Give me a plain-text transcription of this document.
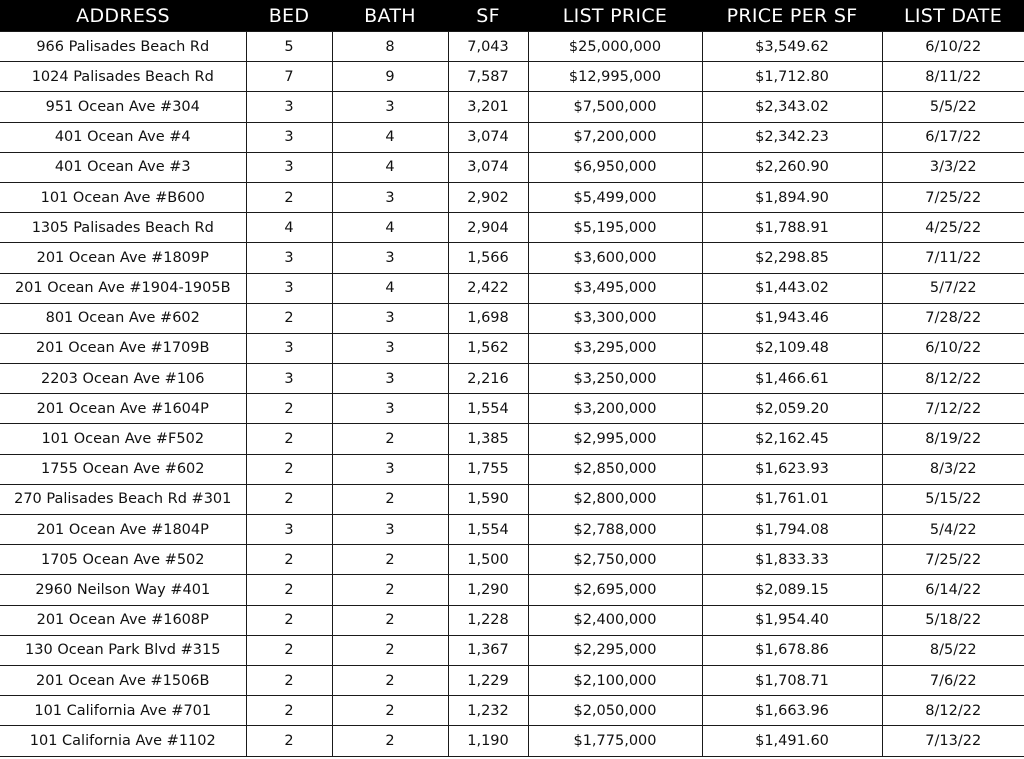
ADDRESS	BED	BATH	SF	LIST PRICE	PRICE PER SF	LIST DATE
966 Palisades Beach Rd	5	8	7,043	$25,000,000	$3,549.62	6/10/22
1024 Palisades Beach Rd	7	9	7,587	$12,995,000	$1,712.80	8/11/22
951 Ocean Ave #304	3	3	3,201	$7,500,000	$2,343.02	5/5/22
401 Ocean Ave #4	3	4	3,074	$7,200,000	$2,342.23	6/17/22
401 Ocean Ave #3	3	4	3,074	$6,950,000	$2,260.90	3/3/22
101 Ocean Ave #B600	2	3	2,902	$5,499,000	$1,894.90	7/25/22
1305 Palisades Beach Rd	4	4	2,904	$5,195,000	$1,788.91	4/25/22
201 Ocean Ave #1809P	3	3	1,566	$3,600,000	$2,298.85	7/11/22
201 Ocean Ave #1904-1905B	3	4	2,422	$3,495,000	$1,443.02	5/7/22
801 Ocean Ave #602	2	3	1,698	$3,300,000	$1,943.46	7/28/22
201 Ocean Ave #1709B	3	3	1,562	$3,295,000	$2,109.48	6/10/22
2203 Ocean Ave #106	3	3	2,216	$3,250,000	$1,466.61	8/12/22
201 Ocean Ave #1604P	2	3	1,554	$3,200,000	$2,059.20	7/12/22
101 Ocean Ave #F502	2	2	1,385	$2,995,000	$2,162.45	8/19/22
1755 Ocean Ave #602	2	3	1,755	$2,850,000	$1,623.93	8/3/22
270 Palisades Beach Rd #301	2	2	1,590	$2,800,000	$1,761.01	5/15/22
201 Ocean Ave #1804P	3	3	1,554	$2,788,000	$1,794.08	5/4/22
1705 Ocean Ave #502	2	2	1,500	$2,750,000	$1,833.33	7/25/22
2960 Neilson Way #401	2	2	1,290	$2,695,000	$2,089.15	6/14/22
201 Ocean Ave #1608P	2	2	1,228	$2,400,000	$1,954.40	5/18/22
130 Ocean Park Blvd #315	2	2	1,367	$2,295,000	$1,678.86	8/5/22
201 Ocean Ave #1506B	2	2	1,229	$2,100,000	$1,708.71	7/6/22
101 California Ave #701	2	2	1,232	$2,050,000	$1,663.96	8/12/22
101 California Ave #1102	2	2	1,190	$1,775,000	$1,491.60	7/13/22
